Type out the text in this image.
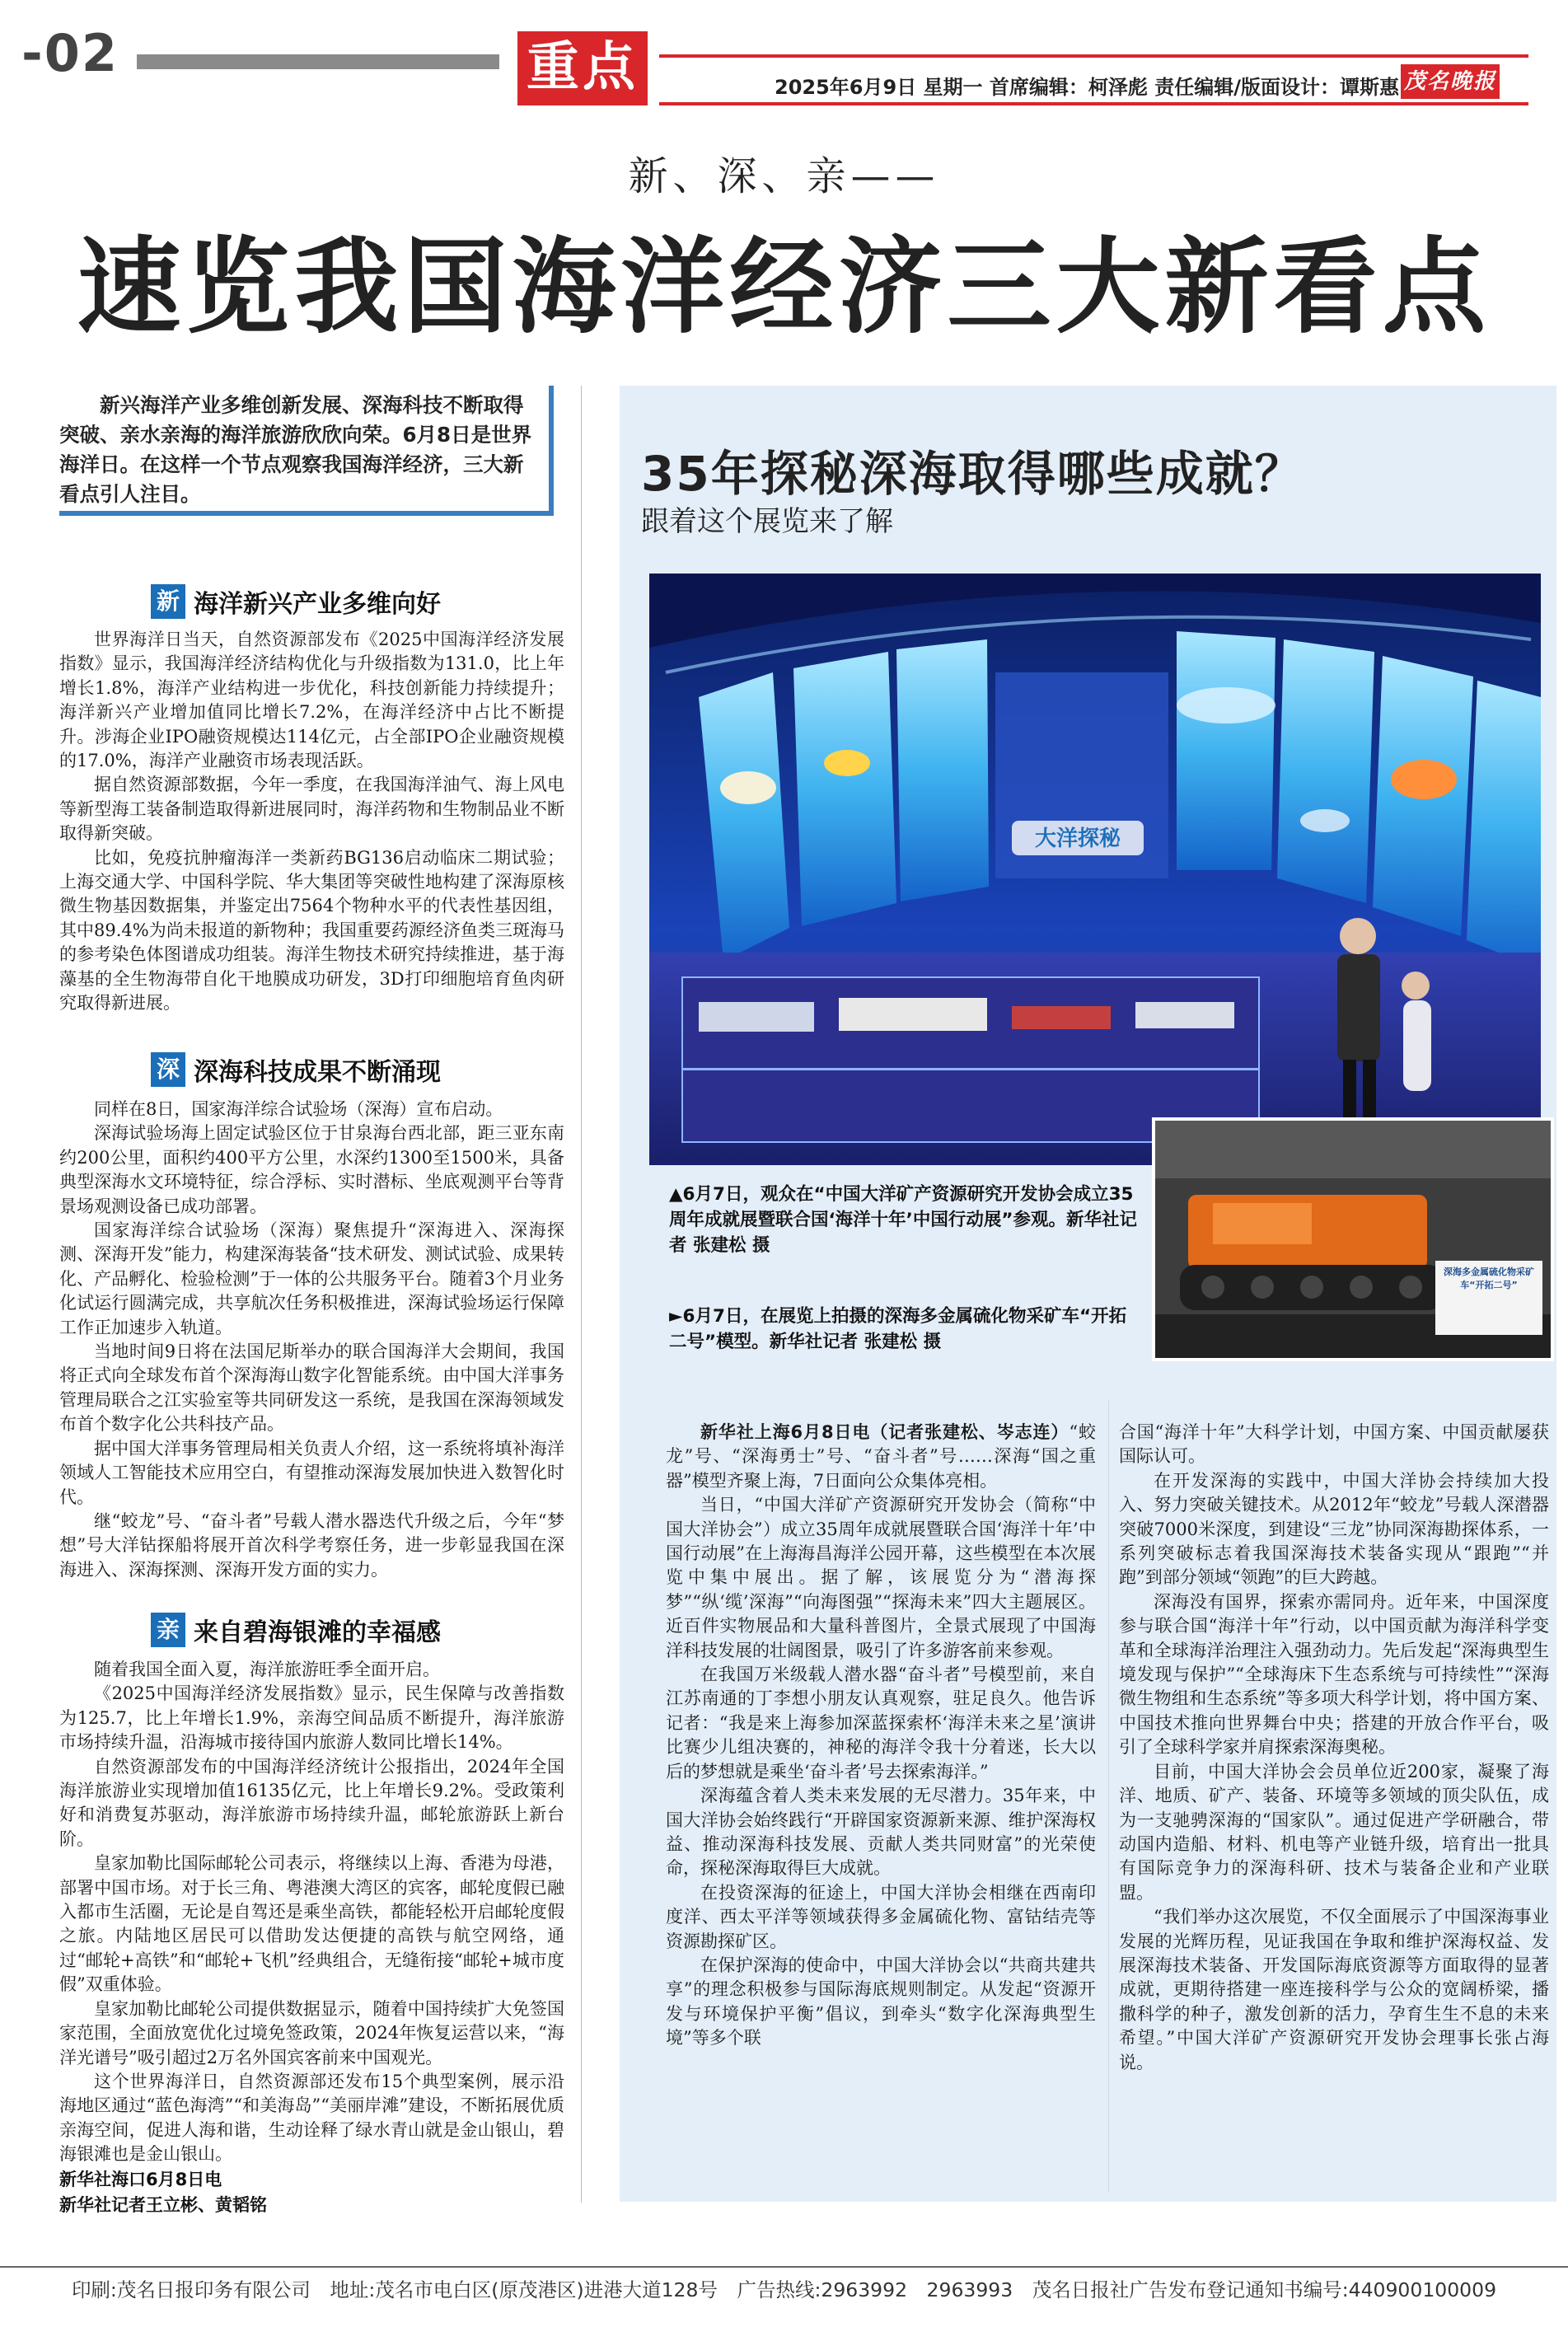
-02	重点	2025年6月9日 星期一 首席编辑：柯泽彪 责任编辑/版面设计：谭斯惠 茂名晚报
新、深、亲——
速览我国海洋经济三大新看点

新兴海洋产业多维创新发展、深海科技不断取得突破、亲水亲海的海洋旅游欣欣向荣。6月8日是世界海洋日。在这样一个节点观察我国海洋经济，三大新看点引人注目。

新 海洋新兴产业多维向好

世界海洋日当天，自然资源部发布《2025中国海洋经济发展指数》显示，我国海洋经济结构优化与升级指数为131.0，比上年增长1.8%，海洋产业结构进一步优化，科技创新能力持续提升；海洋新兴产业增加值同比增长7.2%，在海洋经济中占比不断提升。涉海企业IPO融资规模达114亿元，占全部IPO企业融资规模的17.0%，海洋产业融资市场表现活跃。

据自然资源部数据，今年一季度，在我国海洋油气、海上风电等新型海工装备制造取得新进展同时，海洋药物和生物制品业不断取得新突破。

比如，免疫抗肿瘤海洋一类新药BG136启动临床二期试验；上海交通大学、中国科学院、华大集团等突破性地构建了深海原核微生物基因数据集，并鉴定出7564个物种水平的代表性基因组，其中89.4%为尚未报道的新物种；我国重要药源经济鱼类三斑海马的参考染色体图谱成功组装。海洋生物技术研究持续推进，基于海藻基的全生物海带自化干地膜成功研发，3D打印细胞培育鱼肉研究取得新进展。

深 深海科技成果不断涌现

同样在8日，国家海洋综合试验场（深海）宣布启动。

深海试验场海上固定试验区位于甘泉海台西北部，距三亚东南约200公里，面积约400平方公里，水深约1300至1500米，具备典型深海水文环境特征，综合浮标、实时潜标、坐底观测平台等背景场观测设备已成功部署。

国家海洋综合试验场（深海）聚焦提升“深海进入、深海探测、深海开发”能力，构建深海装备“技术研发、测试试验、成果转化、产品孵化、检验检测”于一体的公共服务平台。随着3个月业务化试运行圆满完成，共享航次任务积极推进，深海试验场运行保障工作正加速步入轨道。

当地时间9日将在法国尼斯举办的联合国海洋大会期间，我国将正式向全球发布首个深海海山数字化智能系统。由中国大洋事务管理局联合之江实验室等共同研发这一系统，是我国在深海领域发布首个数字化公共科技产品。

据中国大洋事务管理局相关负责人介绍，这一系统将填补海洋领域人工智能技术应用空白，有望推动深海发展加快进入数智化时代。

继“蛟龙”号、“奋斗者”号载人潜水器迭代升级之后，今年“梦想”号大洋钻探船将展开首次科学考察任务，进一步彰显我国在深海进入、深海探测、深海开发方面的实力。

亲 来自碧海银滩的幸福感

随着我国全面入夏，海洋旅游旺季全面开启。

《2025中国海洋经济发展指数》显示，民生保障与改善指数为125.7，比上年增长1.9%，亲海空间品质不断提升，海洋旅游市场持续升温，沿海城市接待国内旅游人数同比增长14%。

自然资源部发布的中国海洋经济统计公报指出，2024年全国海洋旅游业实现增加值16135亿元，比上年增长9.2%。受政策利好和消费复苏驱动，海洋旅游市场持续升温，邮轮旅游跃上新台阶。

皇家加勒比国际邮轮公司表示，将继续以上海、香港为母港，部署中国市场。对于长三角、粤港澳大湾区的宾客，邮轮度假已融入都市生活圈，无论是自驾还是乘坐高铁，都能轻松开启邮轮度假之旅。内陆地区居民可以借助发达便捷的高铁与航空网络，通过“邮轮+高铁”和“邮轮+飞机”经典组合，无缝衔接“邮轮+城市度假”双重体验。

皇家加勒比邮轮公司提供数据显示，随着中国持续扩大免签国家范围，全面放宽优化过境免签政策，2024年恢复运营以来，“海洋光谱号”吸引超过2万名外国宾客前来中国观光。

这个世界海洋日，自然资源部还发布15个典型案例，展示沿海地区通过“蓝色海湾”“和美海岛”“美丽岸滩”建设，不断拓展优质亲海空间，促进人海和谐，生动诠释了绿水青山就是金山银山，碧海银滩也是金山银山。

新华社海口6月8日电
新华社记者王立彬、黄韬铭
35年探秘深海取得哪些成就？
跟着这个展览来了解
大洋探秘
深海多金属硫化物采矿车“开拓二号”
▲6月7日，观众在“中国大洋矿产资源研究开发协会成立35周年成就展暨联合国‘海洋十年’中国行动展”参观。新华社记者 张建松 摄
►6月7日，在展览上拍摄的深海多金属硫化物采矿车“开拓二号”模型。新华社记者 张建松 摄

新华社上海6月8日电（记者张建松、岑志连）“蛟龙”号、“深海勇士”号、“奋斗者”号……深海“国之重器”模型齐聚上海，7日面向公众集体亮相。

当日，“中国大洋矿产资源研究开发协会（简称“中国大洋协会”）成立35周年成就展暨联合国‘海洋十年’中国行动展”在上海海昌海洋公园开幕，这些模型在本次展览中集中展出。据了解，该展览分为“潜海探梦”“纵‘缆’深海”“向海图强”“探海未来”四大主题展区。近百件实物展品和大量科普图片，全景式展现了中国海洋科技发展的壮阔图景，吸引了许多游客前来参观。

在我国万米级载人潜水器“奋斗者”号模型前，来自江苏南通的丁李想小朋友认真观察，驻足良久。他告诉记者：“我是来上海参加深蓝探索杯‘海洋未来之星’演讲比赛少儿组决赛的，神秘的海洋令我十分着迷，长大以后的梦想就是乘坐‘奋斗者’号去探索海洋。”

深海蕴含着人类未来发展的无尽潜力。35年来，中国大洋协会始终践行“开辟国家资源新来源、维护深海权益、推动深海科技发展、贡献人类共同财富”的光荣使命，探秘深海取得巨大成就。

在投资深海的征途上，中国大洋协会相继在西南印度洋、西太平洋等领域获得多金属硫化物、富钴结壳等资源勘探矿区。

在保护深海的使命中，中国大洋协会以“共商共建共享”的理念积极参与国际海底规则制定。从发起“资源开发与环境保护平衡”倡议，到牵头“数字化深海典型生境”等多个联

合国“海洋十年”大科学计划，中国方案、中国贡献屡获国际认可。

在开发深海的实践中，中国大洋协会持续加大投入、努力突破关键技术。从2012年“蛟龙”号载人深潜器突破7000米深度，到建设“三龙”协同深海勘探体系，一系列突破标志着我国深海技术装备实现从“跟跑”“并跑”到部分领域“领跑”的巨大跨越。

深海没有国界，探索亦需同舟。近年来，中国深度参与联合国“海洋十年”行动，以中国贡献为海洋科学变革和全球海洋治理注入强劲动力。先后发起“深海典型生境发现与保护”“全球海床下生态系统与可持续性”“深海微生物组和生态系统”等多项大科学计划，将中国方案、中国技术推向世界舞台中央；搭建的开放合作平台，吸引了全球科学家并肩探索深海奥秘。

目前，中国大洋协会会员单位近200家，凝聚了海洋、地质、矿产、装备、环境等多领域的顶尖队伍，成为一支驰骋深海的“国家队”。通过促进产学研融合，带动国内造船、材料、机电等产业链升级，培育出一批具有国际竞争力的深海科研、技术与装备企业和产业联盟。

“我们举办这次展览，不仅全面展示了中国深海事业发展的光辉历程，见证我国在争取和维护深海权益、发展深海技术装备、开发国际海底资源等方面取得的显著成就，更期待搭建一座连接科学与公众的宽阔桥梁，播撒科学的种子，激发创新的活力，孕育生生不息的未来希望。”中国大洋矿产资源研究开发协会理事长张占海说。

印刷:茂名日报印务有限公司　地址:茂名市电白区(原茂港区)进港大道128号　广告热线:2963992　2963993　茂名日报社广告发布登记通知书编号:440900100009
